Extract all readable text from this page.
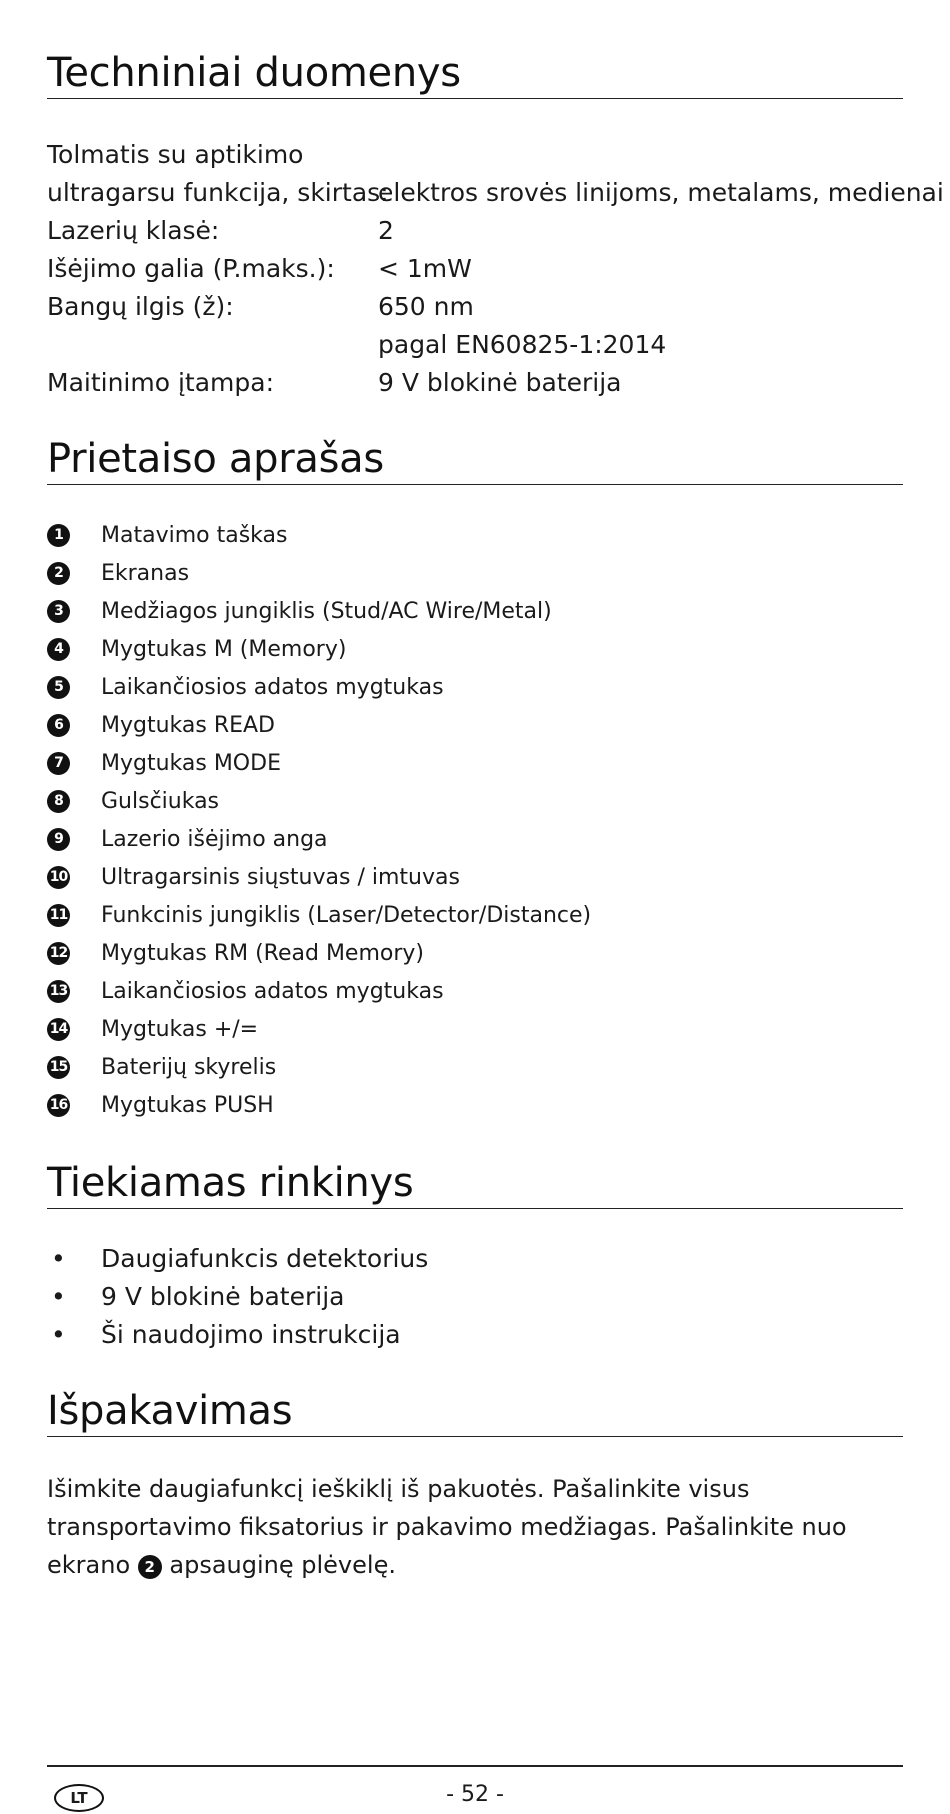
Techniniai duomenys
Tolmatis su aptikimo
ultragarsu funkcija, skirtas:
elektros srovės linijoms, metalams, medienai
Lazerių klasė:	2
Išėjimo galia (P.maks.): < 1mW
Bangų ilgis (ž):	650 nm
pagal EN60825-1:2014
Maitinimo įtampa:	9 V blokinė baterija
Prietaiso aprašas
1	Matavimo taškas
2	Ekranas
3	Medžiagos jungiklis (Stud/AC Wire/Metal)
4	Mygtukas M (Memory)
5	Laikančiosios adatos mygtukas
6	Mygtukas READ
7	Mygtukas MODE
8	Gulsčiukas
9	Lazerio išėjimo anga
10 Ultragarsinis siųstuvas / imtuvas
11 Funkcinis jungiklis (Laser/Detector/Distance)
12 Mygtukas RM (Read Memory)
13 Laikančiosios adatos mygtukas
14 Mygtukas +/=
15 Baterijų skyrelis
16 Mygtukas PUSH
Tiekiamas rinkinys
• Daugiafunkcis detektorius
• 9 V blokinė baterija
• Ši naudojimo instrukcija
Išpakavimas

Išimkite daugiafunkcį ieškiklį iš pakuotės. Pašalinkite visus transportavimo fiksatorius ir pakavimo medžiagas. Pašalinkite nuo ekrano 2 apsauginę plėvelę.

LT	- 52 -
